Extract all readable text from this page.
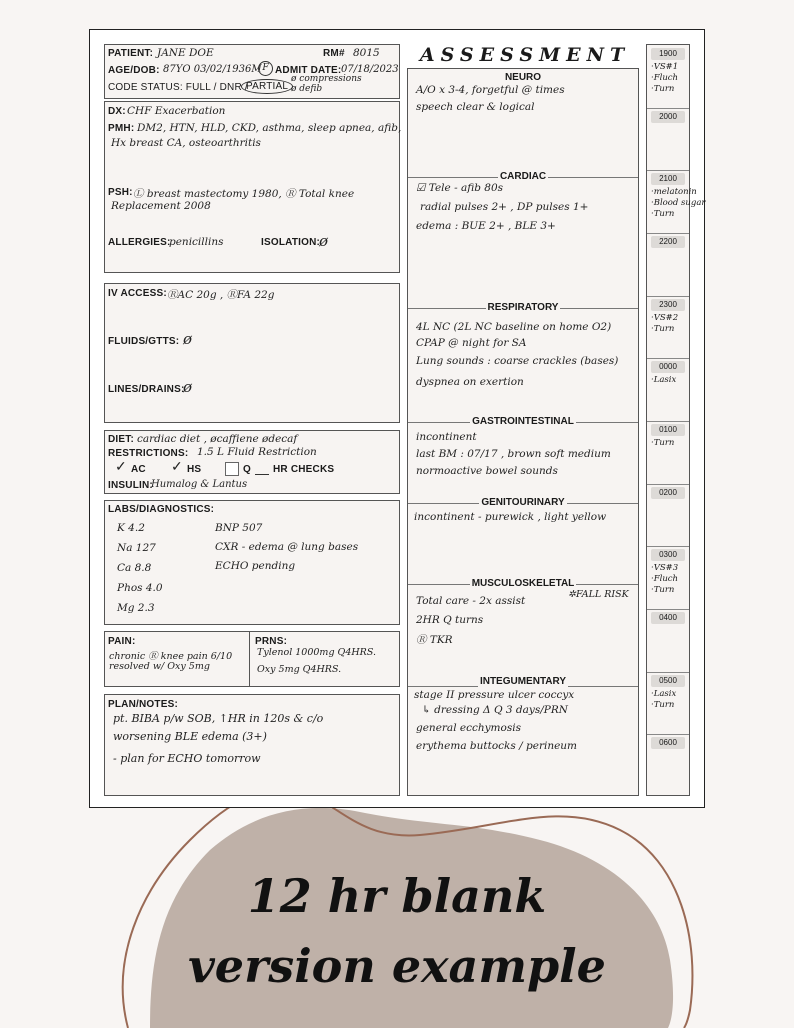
PATIENT: JANE DOE	RM# 8015
AGE/DOB: 87YO 03/02/1936M F ADMIT DATE: 07/18/2023
CODE STATUS: FULL / DNR /
PARTIAL
ø compressions
ø defib
DX: CHF Exacerbation
PMH: DM2, HTN, HLD, CKD, asthma, sleep apnea, afib,
Hx breast CA, osteoarthritis
PSH: Ⓛ breast mastectomy 1980, Ⓡ Total knee
Replacement 2008
ALLERGIES:
penicillins	ISOLATION:
ø
IV ACCESS: ⓇAC 20g , ⓇFA 22g
FLUIDS/GTTS: ø
LINES/DRAINS:
ø
DIET: cardiac diet , øcaffiene ødecaf
RESTRICTIONS: 1.5 L Fluid Restriction
✓ AC ✓ HS	Q HR CHECKS
INSULIN:
Humalog & Lantus
LABS/DIAGNOSTICS:
K 4.2
Na 127
Ca 8.8
Phos 4.0
Mg 2.3
BNP 507
CXR - edema @ lung bases
ECHO pending
PAIN:
chronic Ⓡ knee pain 6/10
resolved w/ Oxy 5mg
PRNS:
Tylenol 1000mg Q4HRS.
Oxy 5mg Q4HRS.
PLAN/NOTES:
pt. BIBA p/w SOB, ↑HR in 120s & c/o
worsening BLE edema (3+)
- plan for ECHO tomorrow
ASSESSMENT
NEURO
A/O x 3-4, forgetful @ times
speech clear & logical
CARDIAC
☑ Tele - afib 80s
radial pulses 2+ , DP pulses 1+
edema : BUE 2+ , BLE 3+
RESPIRATORY
4L NC (2L NC baseline on home O2)
CPAP @ night for SA
Lung sounds : coarse crackles (bases)
dyspnea on exertion
GASTROINTESTINAL
incontinent
last BM : 07/17 , brown soft medium
normoactive bowel sounds
GENITOURINARY
incontinent - purewick , light yellow
MUSCULOSKELETAL
Total care - 2x assist
✲FALL RISK
2HR Q turns
Ⓡ TKR
INTEGUMENTARY
stage II pressure ulcer coccyx
↳ dressing Δ Q 3 days/PRN
general ecchymosis
erythema buttocks / perineum
1900
·VS#1
·Fluch
·Turn
2000
2100
·melatonin
·Blood sugar
·Turn
2200
2300
·VS#2
·Turn
0000
·Lasix
0100
·Turn
0200
0300
·VS#3
·Fluch
·Turn
0400
0500
·Lasix
·Turn
0600
12 hr blank
version example
